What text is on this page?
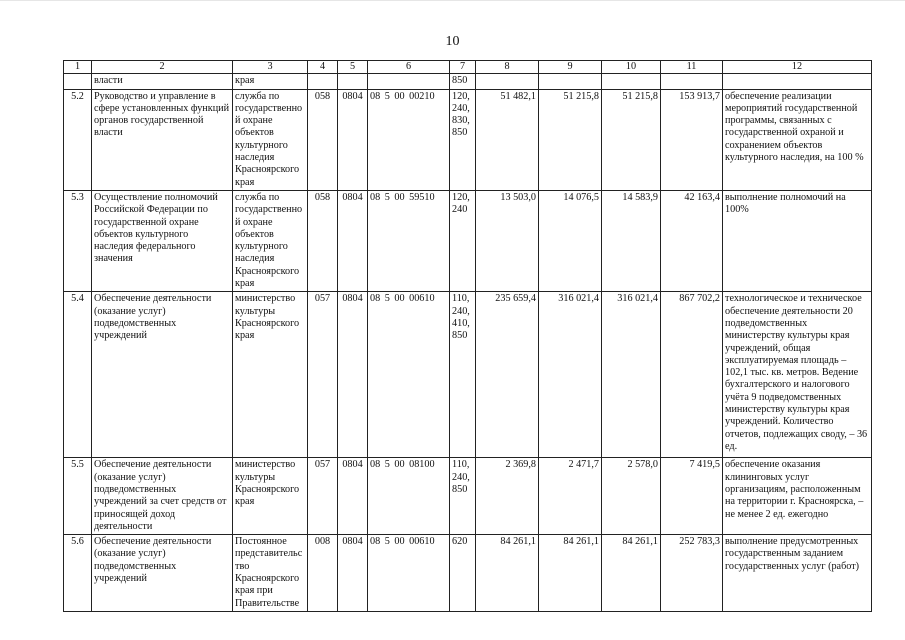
10
1	2	3	4	5	6	7	8	9	10	11	12
	власти	края				850					
5.2	Руководство и управление в сфере установленных функций органов государственной власти	служба по государственной охране объектов культурного наследия Красноярского края	058	0804	08 5 00 00210	120, 240, 830, 850	51 482,1	51 215,8	51 215,8	153 913,7	обеспечение реализации мероприятий государственной программы, связанных с государственной охраной и сохранением объектов культурного наследия, на 100 %
5.3	Осуществление полномочий Российской Федерации по государственной охране объектов культурного наследия федерального значения	служба по государственной охране объектов культурного наследия Красноярского края	058	0804	08 5 00 59510	120, 240	13 503,0	14 076,5	14 583,9	42 163,4	выполнение полномочий на 100%
5.4	Обеспечение деятельности (оказание услуг) подведомственных учреждений	министерство культуры Красноярского края	057	0804	08 5 00 00610	110, 240, 410, 850	235 659,4	316 021,4	316 021,4	867 702,2	технологическое и техническое обеспечение деятельности 20 подведомственных министерству культуры края учреждений, общая эксплуатируемая площадь – 102,1 тыс. кв. метров. Ведение бухгалтерского и налогового учёта 9 подведомственных министерству культуры края учреждений. Количество отчетов, подлежащих своду, – 36 ед.
5.5	Обеспечение деятельности (оказание услуг) подведомственных учреждений за счет средств от приносящей доход деятельности	министерство культуры Красноярского края	057	0804	08 5 00 08100	110, 240, 850	2 369,8	2 471,7	2 578,0	7 419,5	обеспечение оказания клининговых услуг организациям, расположенным на территории г. Красноярска, – не менее 2 ед. ежегодно
5.6	Обеспечение деятельности (оказание услуг) подведомственных учреждений	Постоянное представительство Красноярского края при Правительстве	008	0804	08 5 00 00610	620	84 261,1	84 261,1	84 261,1	252 783,3	выполнение предусмотренных государственным заданием государственных услуг (работ)
